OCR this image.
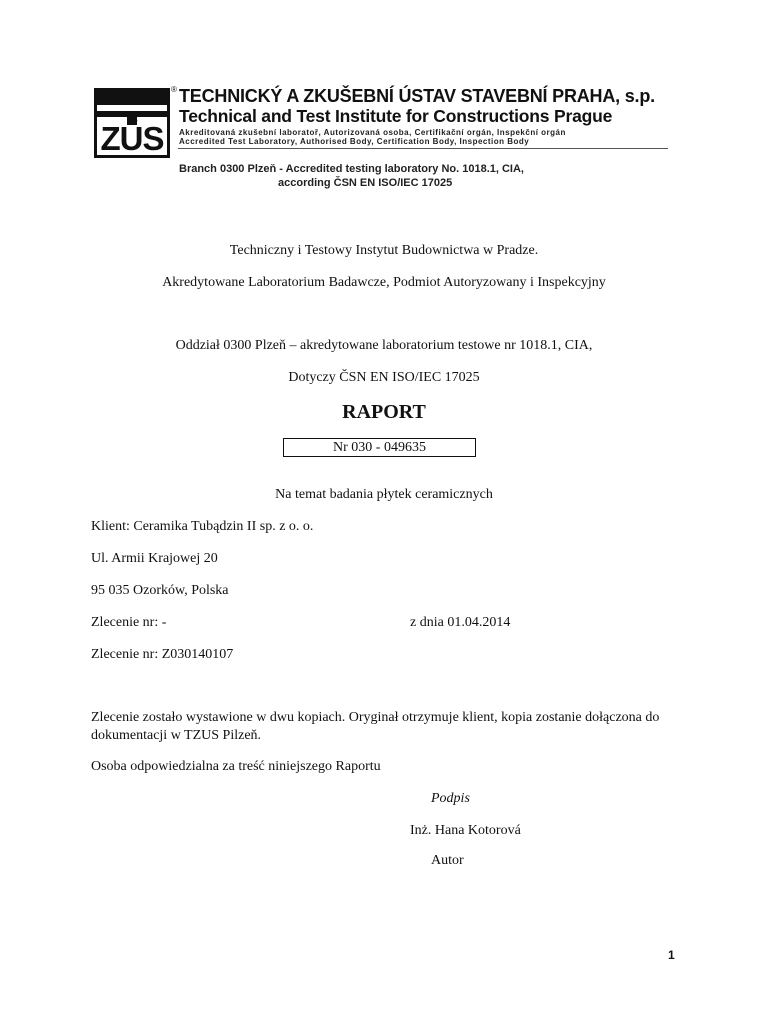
ZÚS
® TECHNICKÝ A ZKUŠEBNÍ ÚSTAV STAVEBNÍ PRAHA, s.p.
Technical and Test Institute for Constructions Prague
Akreditovaná zkušební laboratoř, Autorizovaná osoba, Certifikační orgán, Inspekční orgán
Accredited Test Laboratory, Authorised Body, Certification Body, Inspection Body
Branch 0300 Plzeň - Accredited testing laboratory No. 1018.1, CIA,
according ČSN EN ISO/IEC 17025
Techniczny i Testowy Instytut Budownictwa w Pradze.
Akredytowane Laboratorium Badawcze, Podmiot Autoryzowany i Inspekcyjny
Oddział 0300 Plzeň – akredytowane laboratorium testowe nr 1018.1, CIA,
Dotyczy ČSN EN ISO/IEC 17025
RAPORT
Nr 030 - 049635
Na temat badania płytek ceramicznych
Klient: Ceramika Tubądzin II sp. z o. o.
Ul. Armii Krajowej 20
95 035 Ozorków, Polska
Zlecenie nr: -	z dnia 01.04.2014
Zlecenie nr: Z030140107
Zlecenie zostało wystawione w dwu kopiach. Oryginał otrzymuje klient, kopia zostanie dołączona do dokumentacji w TZUS Pilzeň.
Osoba odpowiedzialna za treść niniejszego Raportu
Podpis
Inż. Hana Kotorová
Autor
1
